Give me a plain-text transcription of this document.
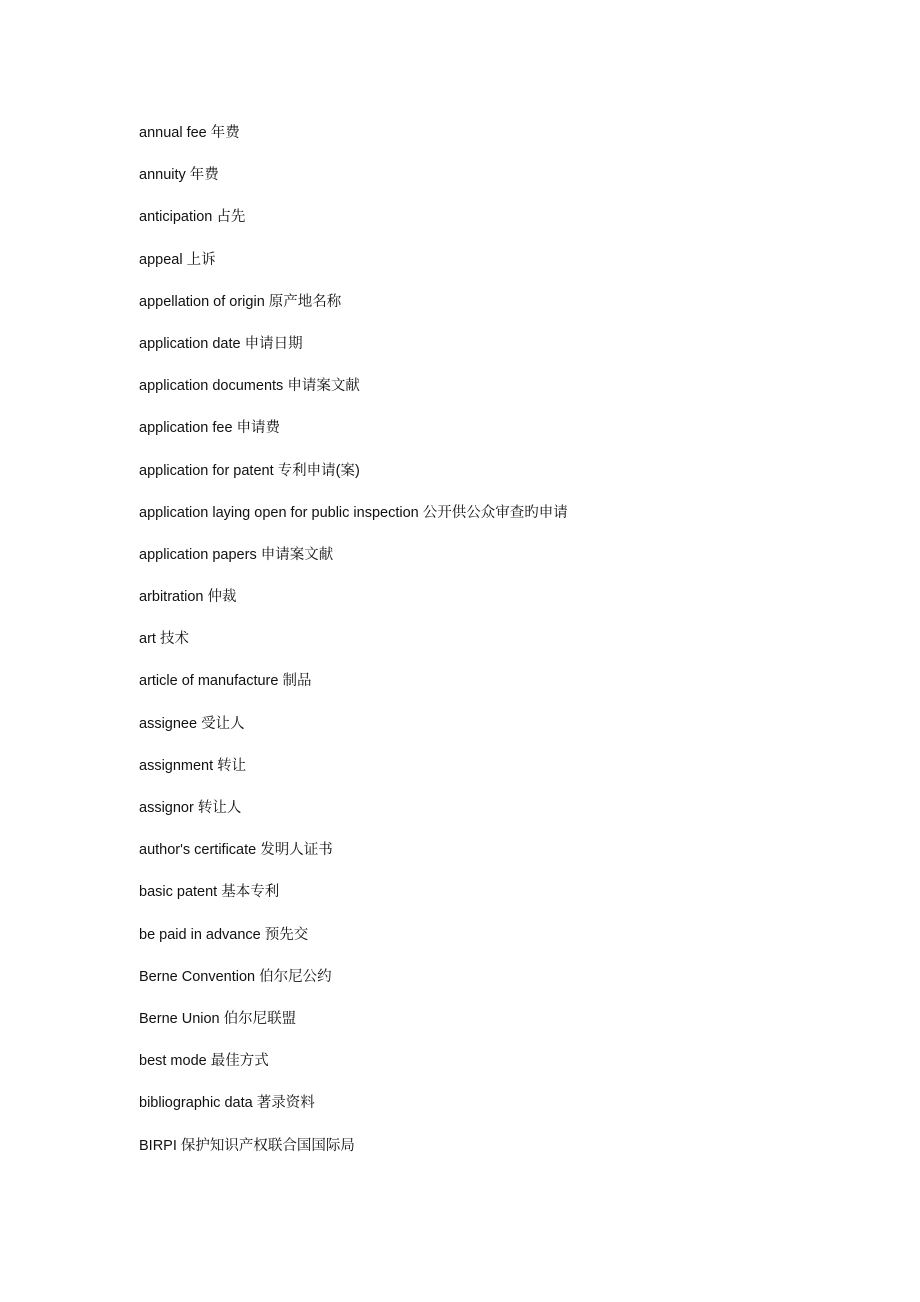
annual fee 年费
annuity 年费
anticipation 占先
appeal 上诉
appellation of origin 原产地名称
application date 申请日期
application documents 申请案文献
application fee 申请费
application for patent 专利申请(案)
application laying open for public inspection 公开供公众审查旳申请
application papers 申请案文献
arbitration 仲裁
art 技术
article of manufacture 制品
assignee 受让人
assignment 转让
assignor 转让人
author's certificate 发明人证书
basic patent 基本专利
be paid in advance 预先交
Berne Convention 伯尔尼公约
Berne Union 伯尔尼联盟
best mode 最佳方式
bibliographic data 著录资料
BIRPI 保护知识产权联合国国际局
